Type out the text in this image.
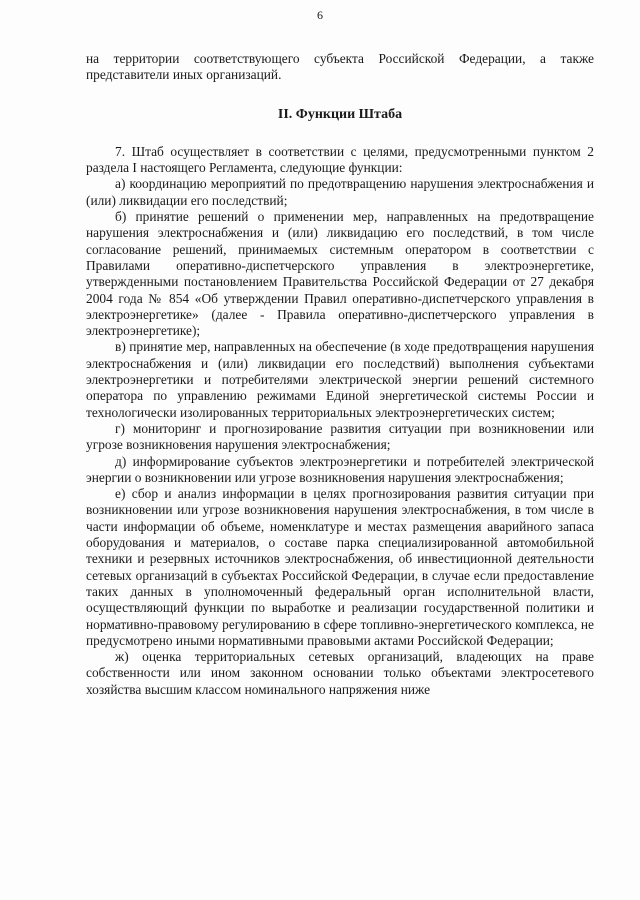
6

на территории соответствующего субъекта Российской Федерации, а также представители иных организаций.

II. Функции Штаба

7. Штаб осуществляет в соответствии с целями, предусмотренными пунктом 2 раздела I настоящего Регламента, следующие функции:

а) координацию мероприятий по предотвращению нарушения электроснабжения и (или) ликвидации его последствий;

б) принятие решений о применении мер, направленных на предотвращение нарушения электроснабжения и (или) ликвидацию его последствий, в том числе согласование решений, принимаемых системным оператором в соответствии с Правилами оперативно-диспетчерского управления в электроэнергетике, утвержденными постановлением Правительства Российской Федерации от 27 декабря 2004 года № 854 «Об утверждении Правил оперативно-диспетчерского управления в электроэнергетике» (далее - Правила оперативно-диспетчерского управления в электроэнергетике);

в) принятие мер, направленных на обеспечение (в ходе предотвращения нарушения электроснабжения и (или) ликвидации его последствий) выполнения субъектами электроэнергетики и потребителями электрической энергии решений системного оператора по управлению режимами Единой энергетической системы России и технологически изолированных территориальных электроэнергетических систем;

г) мониторинг и прогнозирование развития ситуации при возникновении или угрозе возникновения нарушения электроснабжения;

д) информирование субъектов электроэнергетики и потребителей электрической энергии о возникновении или угрозе возникновения нарушения электроснабжения;

е) сбор и анализ информации в целях прогнозирования развития ситуации при возникновении или угрозе возникновения нарушения электроснабжения, в том числе в части информации об объеме, номенклатуре и местах размещения аварийного запаса оборудования и материалов, о составе парка специализированной автомобильной техники и резервных источников электроснабжения, об инвестиционной деятельности сетевых организаций в субъектах Российской Федерации, в случае если предоставление таких данных в уполномоченный федеральный орган исполнительной власти, осуществляющий функции по выработке и реализации государственной политики и нормативно-правовому регулированию в сфере топливно-энергетического комплекса, не предусмотрено иными нормативными правовыми актами Российской Федерации;

ж) оценка территориальных сетевых организаций, владеющих на праве собственности или ином законном основании только объектами электросетевого хозяйства высшим классом номинального напряжения ниже
